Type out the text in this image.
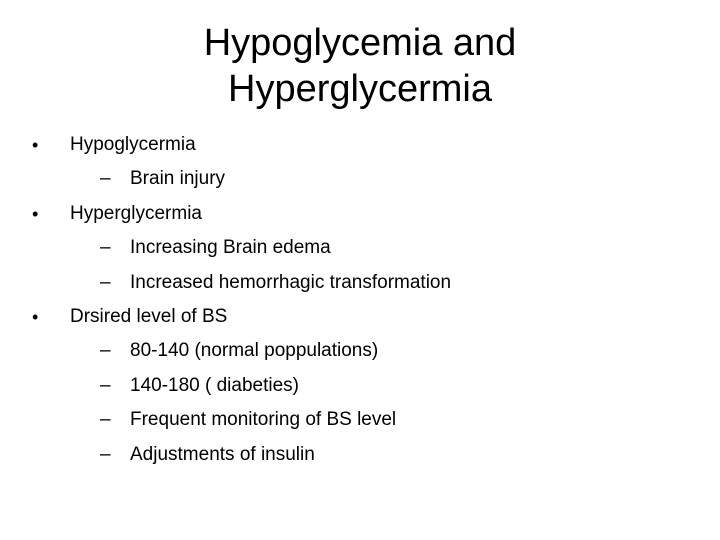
Hypoglycemia and
Hyperglycermia
• Hypoglycermia
– Brain injury
• Hyperglycermia
– Increasing Brain edema
– Increased hemorrhagic transformation
• Drsired level of BS
– 80-140 (normal poppulations)
– 140-180 ( diabeties)
– Frequent monitoring of BS level
– Adjustments of insulin
